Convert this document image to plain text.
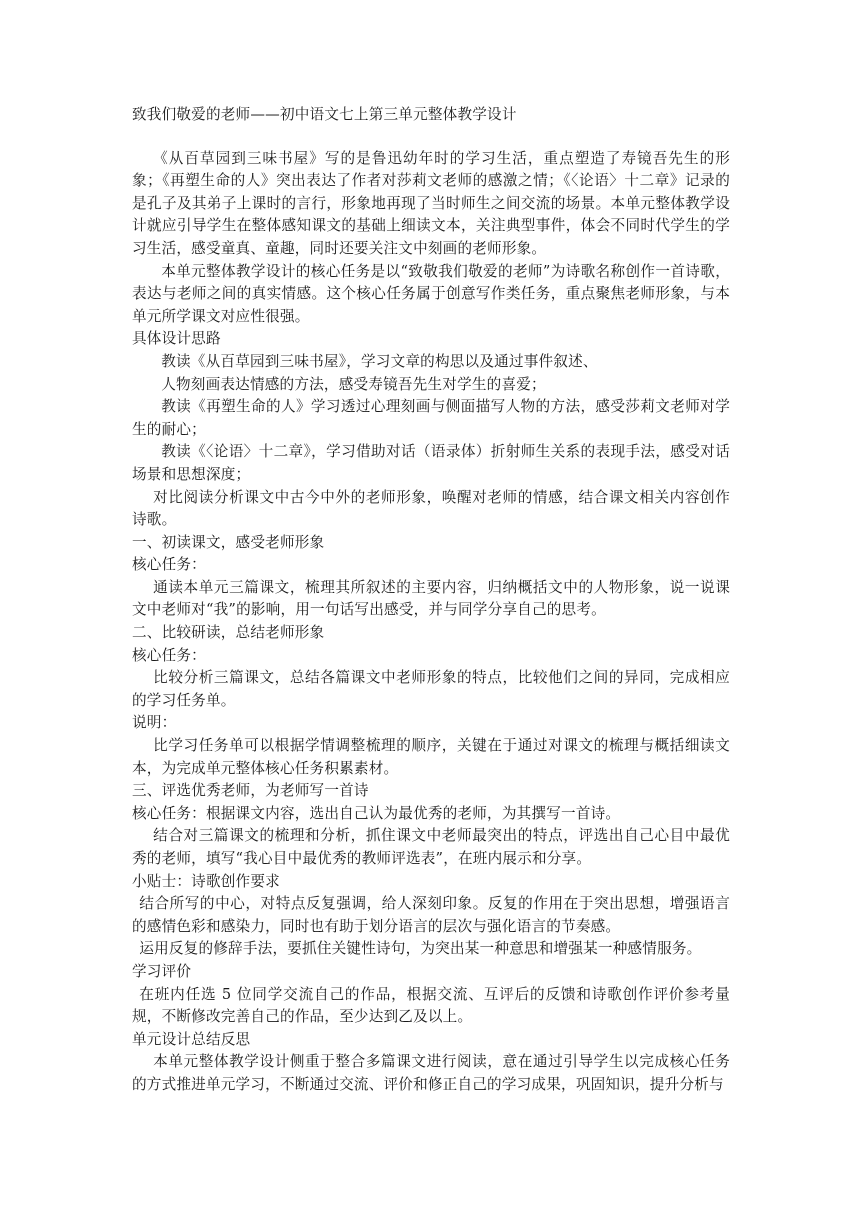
致我们敬爱的老师——初中语文七上第三单元整体教学设计

《从百草园到三味书屋》写的是鲁迅幼年时的学习生活，重点塑造了寿镜吾先生的形象；《再塑生命的人》突出表达了作者对莎莉文老师的感激之情；《〈论语〉十二章》记录的是孔子及其弟子上课时的言行，形象地再现了当时师生之间交流的场景。本单元整体教学设计就应引导学生在整体感知课文的基础上细读文本，关注典型事件，体会不同时代学生的学习生活，感受童真、童趣，同时还要关注文中刻画的老师形象。

本单元整体教学设计的核心任务是以“致敬我们敬爱的老师”为诗歌名称创作一首诗歌，表达与老师之间的真实情感。这个核心任务属于创意写作类任务，重点聚焦老师形象，与本单元所学课文对应性很强。

具体设计思路

教读《从百草园到三味书屋》，学习文章的构思以及通过事件叙述、

人物刻画表达情感的方法，感受寿镜吾先生对学生的喜爱；

教读《再塑生命的人》学习透过心理刻画与侧面描写人物的方法，感受莎莉文老师对学生的耐心；

教读《〈论语〉十二章》，学习借助对话（语录体）折射师生关系的表现手法，感受对话场景和思想深度；

对比阅读分析课文中古今中外的老师形象，唤醒对老师的情感，结合课文相关内容创作诗歌。

一、初读课文，感受老师形象

核心任务：

通读本单元三篇课文，梳理其所叙述的主要内容，归纳概括文中的人物形象，说一说课文中老师对“我”的影响，用一句话写出感受，并与同学分享自己的思考。

二、比较研读，总结老师形象

核心任务：

比较分析三篇课文，总结各篇课文中老师形象的特点，比较他们之间的异同，完成相应的学习任务单。

说明：

比学习任务单可以根据学情调整梳理的顺序，关键在于通过对课文的梳理与概括细读文本，为完成单元整体核心任务积累素材。

三、评选优秀老师，为老师写一首诗

核心任务：根据课文内容，选出自己认为最优秀的老师，为其撰写一首诗。

结合对三篇课文的梳理和分析，抓住课文中老师最突出的特点，评选出自己心目中最优秀的老师，填写“我心目中最优秀的教师评选表”，在班内展示和分享。

小贴士：诗歌创作要求

结合所写的中心，对特点反复强调，给人深刻印象。反复的作用在于突出思想，增强语言的感情色彩和感染力，同时也有助于划分语言的层次与强化语言的节奏感。

运用反复的修辞手法，要抓住关键性诗句，为突出某一种意思和增强某一种感情服务。

学习评价

在班内任选 5 位同学交流自己的作品，根据交流、互评后的反馈和诗歌创作评价参考量规，不断修改完善自己的作品，至少达到乙及以上。

单元设计总结反思

本单元整体教学设计侧重于整合多篇课文进行阅读，意在通过引导学生以完成核心任务的方式推进单元学习，不断通过交流、评价和修正自己的学习成果，巩固知识，提升分析与
